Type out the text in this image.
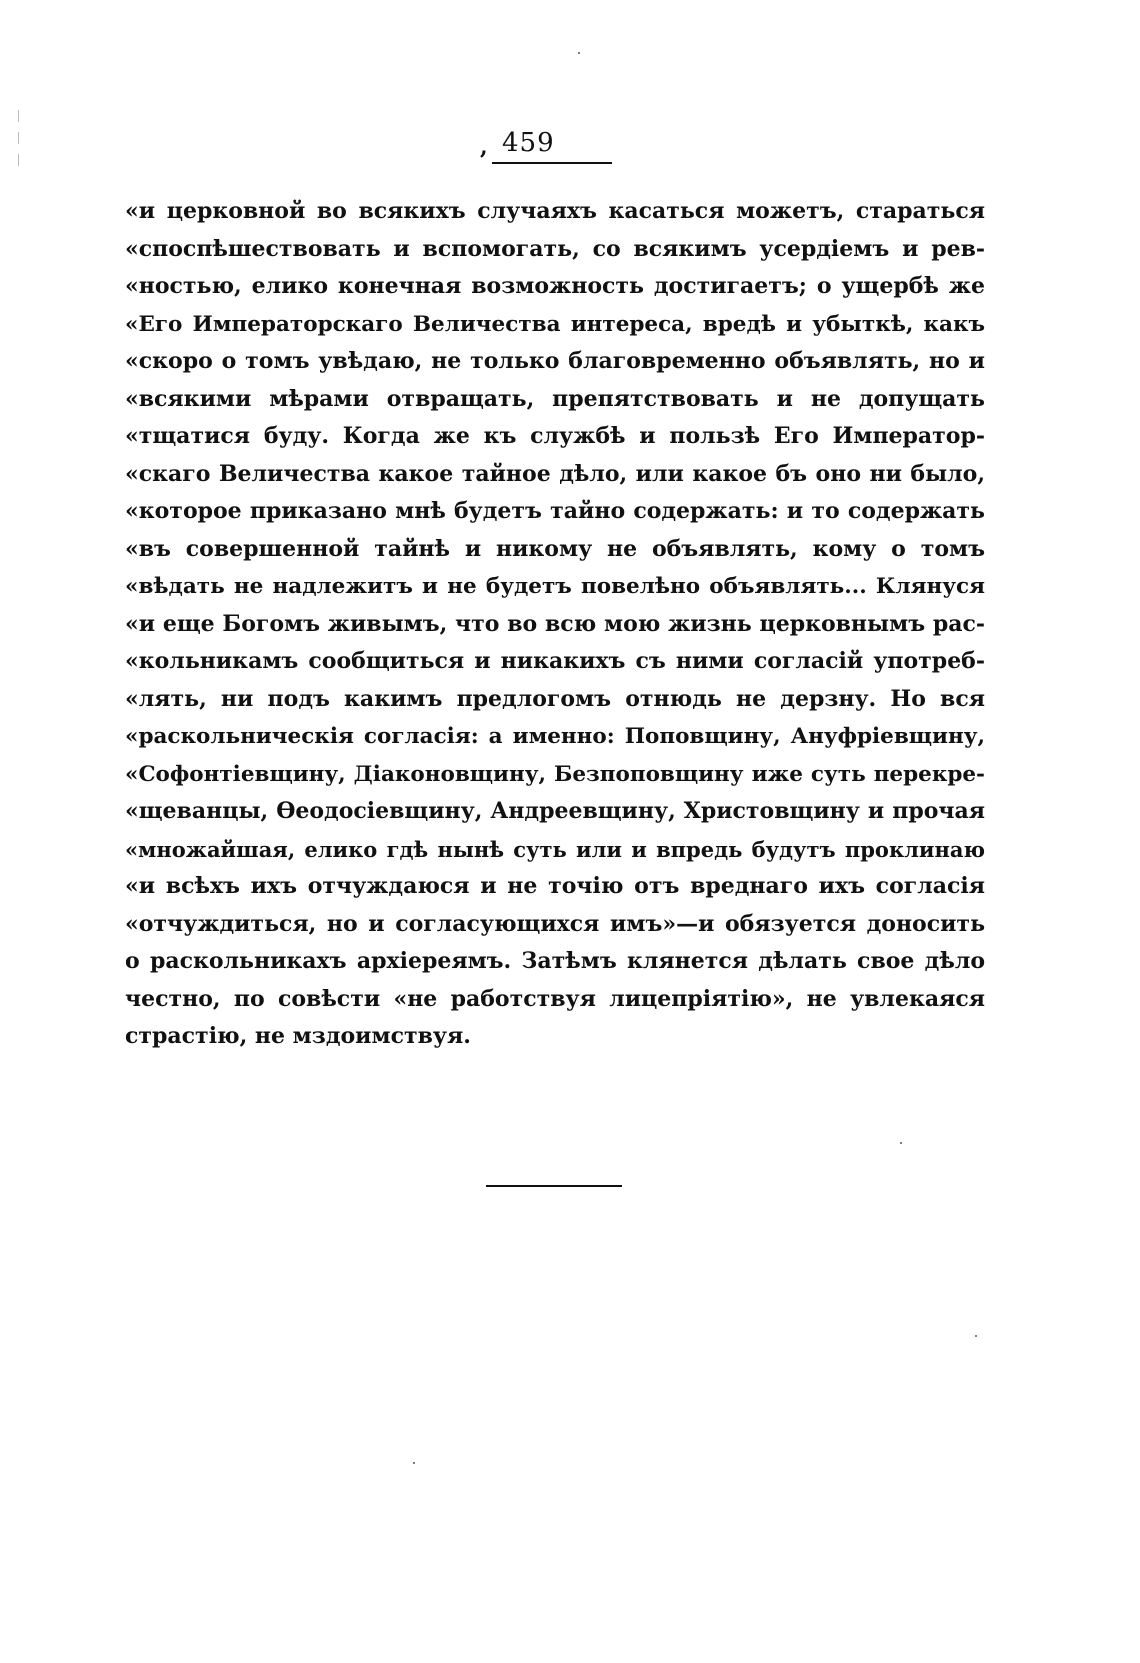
, 459
«и церковной во всякихъ случаяхъ касаться можетъ, стараться
«споспѣшествовать и вспомогать, со всякимъ усердіемъ и рев-
«ностью, елико конечная возможность достигаетъ; о ущербѣ же
«Его Императорскаго Величества интереса, вредѣ и убыткѣ, какъ
«скоро о томъ увѣдаю, не только благовременно объявлять, но и
«всякими мѣрами отвращать, препятствовать и не допущать
«тщатися буду. Когда же къ службѣ и пользѣ Его Император-
«скаго Величества какое тайное дѣло, или какое бъ оно ни было,
«которое приказано мнѣ будетъ тайно содержать: и то содержать
«въ совершенной тайнѣ и никому не объявлять, кому о томъ
«вѣдать не надлежитъ и не будетъ повелѣно объявлять... Клянуся
«и еще Богомъ живымъ, что во всю мою жизнь церковнымъ рас-
«кольникамъ сообщиться и никакихъ съ ними согласій употреб-
«лять, ни подъ какимъ предлогомъ отнюдь не дерзну. Но вся
«раскольническія согласія: а именно: Поповщину, Ануфріевщину,
«Софонтіевщину, Діаконовщину, Безпоповщину иже суть перекре-
«щеванцы, Өеодосіевщину, Андреевщину, Христовщину и прочая
«множайшая, елико гдѣ нынѣ суть или и впредь будутъ проклинаю
«и всѣхъ ихъ отчуждаюся и не точію отъ вреднаго ихъ согласія
«отчуждиться, но и согласующихся имъ»—и обязуется доносить
о раскольникахъ архіереямъ. Затѣмъ клянется дѣлать свое дѣло
честно, по совѣсти «не работствуя лицепріятію», не увлекаяся
страстію, не мздоимствуя.
